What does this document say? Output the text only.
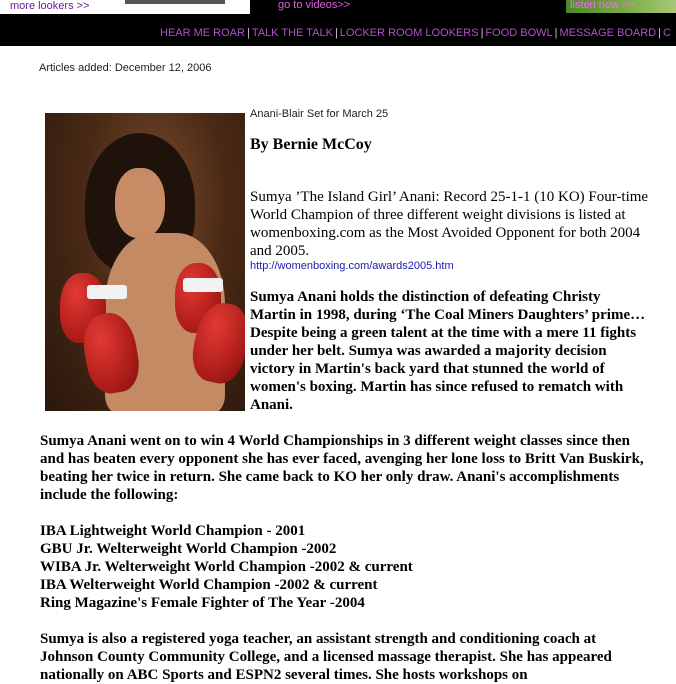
more lookers >>	go to videos>>	listen now >>
HEAR ME ROAR | TALK THE TALK | LOCKER ROOM LOOKERS | FOOD BOWL | MESSAGE BOARD | C
Articles added: December 12, 2006
Anani-Blair Set for March 25
By Bernie McCoy
Sumya ’The Island Girl’ Anani: Record 25-1-1 (10 KO) Four-time World Champion of three different weight divisions is listed at womenboxing.com as the Most Avoided Opponent for both 2004 and 2005.
http://womenboxing.com/awards2005.htm
Sumya Anani holds the distinction of defeating Christy Martin in 1998, during ‘The Coal Miners Daughters’ prime… Despite being a green talent at the time with a mere 11 fights under her belt. Sumya was awarded a majority decision victory in Martin's back yard that stunned the world of women's boxing. Martin has since refused to rematch with Anani.
Sumya Anani went on to win 4 World Championships in 3 different weight classes since then and has beaten every opponent she has ever faced, avenging her lone loss to Britt Van Buskirk, beating her twice in return. She came back to KO her only draw. Anani's accomplishments include the following:
IBA Lightweight World Champion - 2001
GBU Jr. Welterweight World Champion -2002
WIBA Jr. Welterweight World Champion -2002 & current
IBA Welterweight World Champion -2002 & current
Ring Magazine's Female Fighter of The Year -2004
Sumya is also a registered yoga teacher, an assistant strength and conditioning coach at Johnson County Community College, and a licensed massage therapist. She has appeared nationally on ABC Sports and ESPN2 several times. She hosts workshops on
